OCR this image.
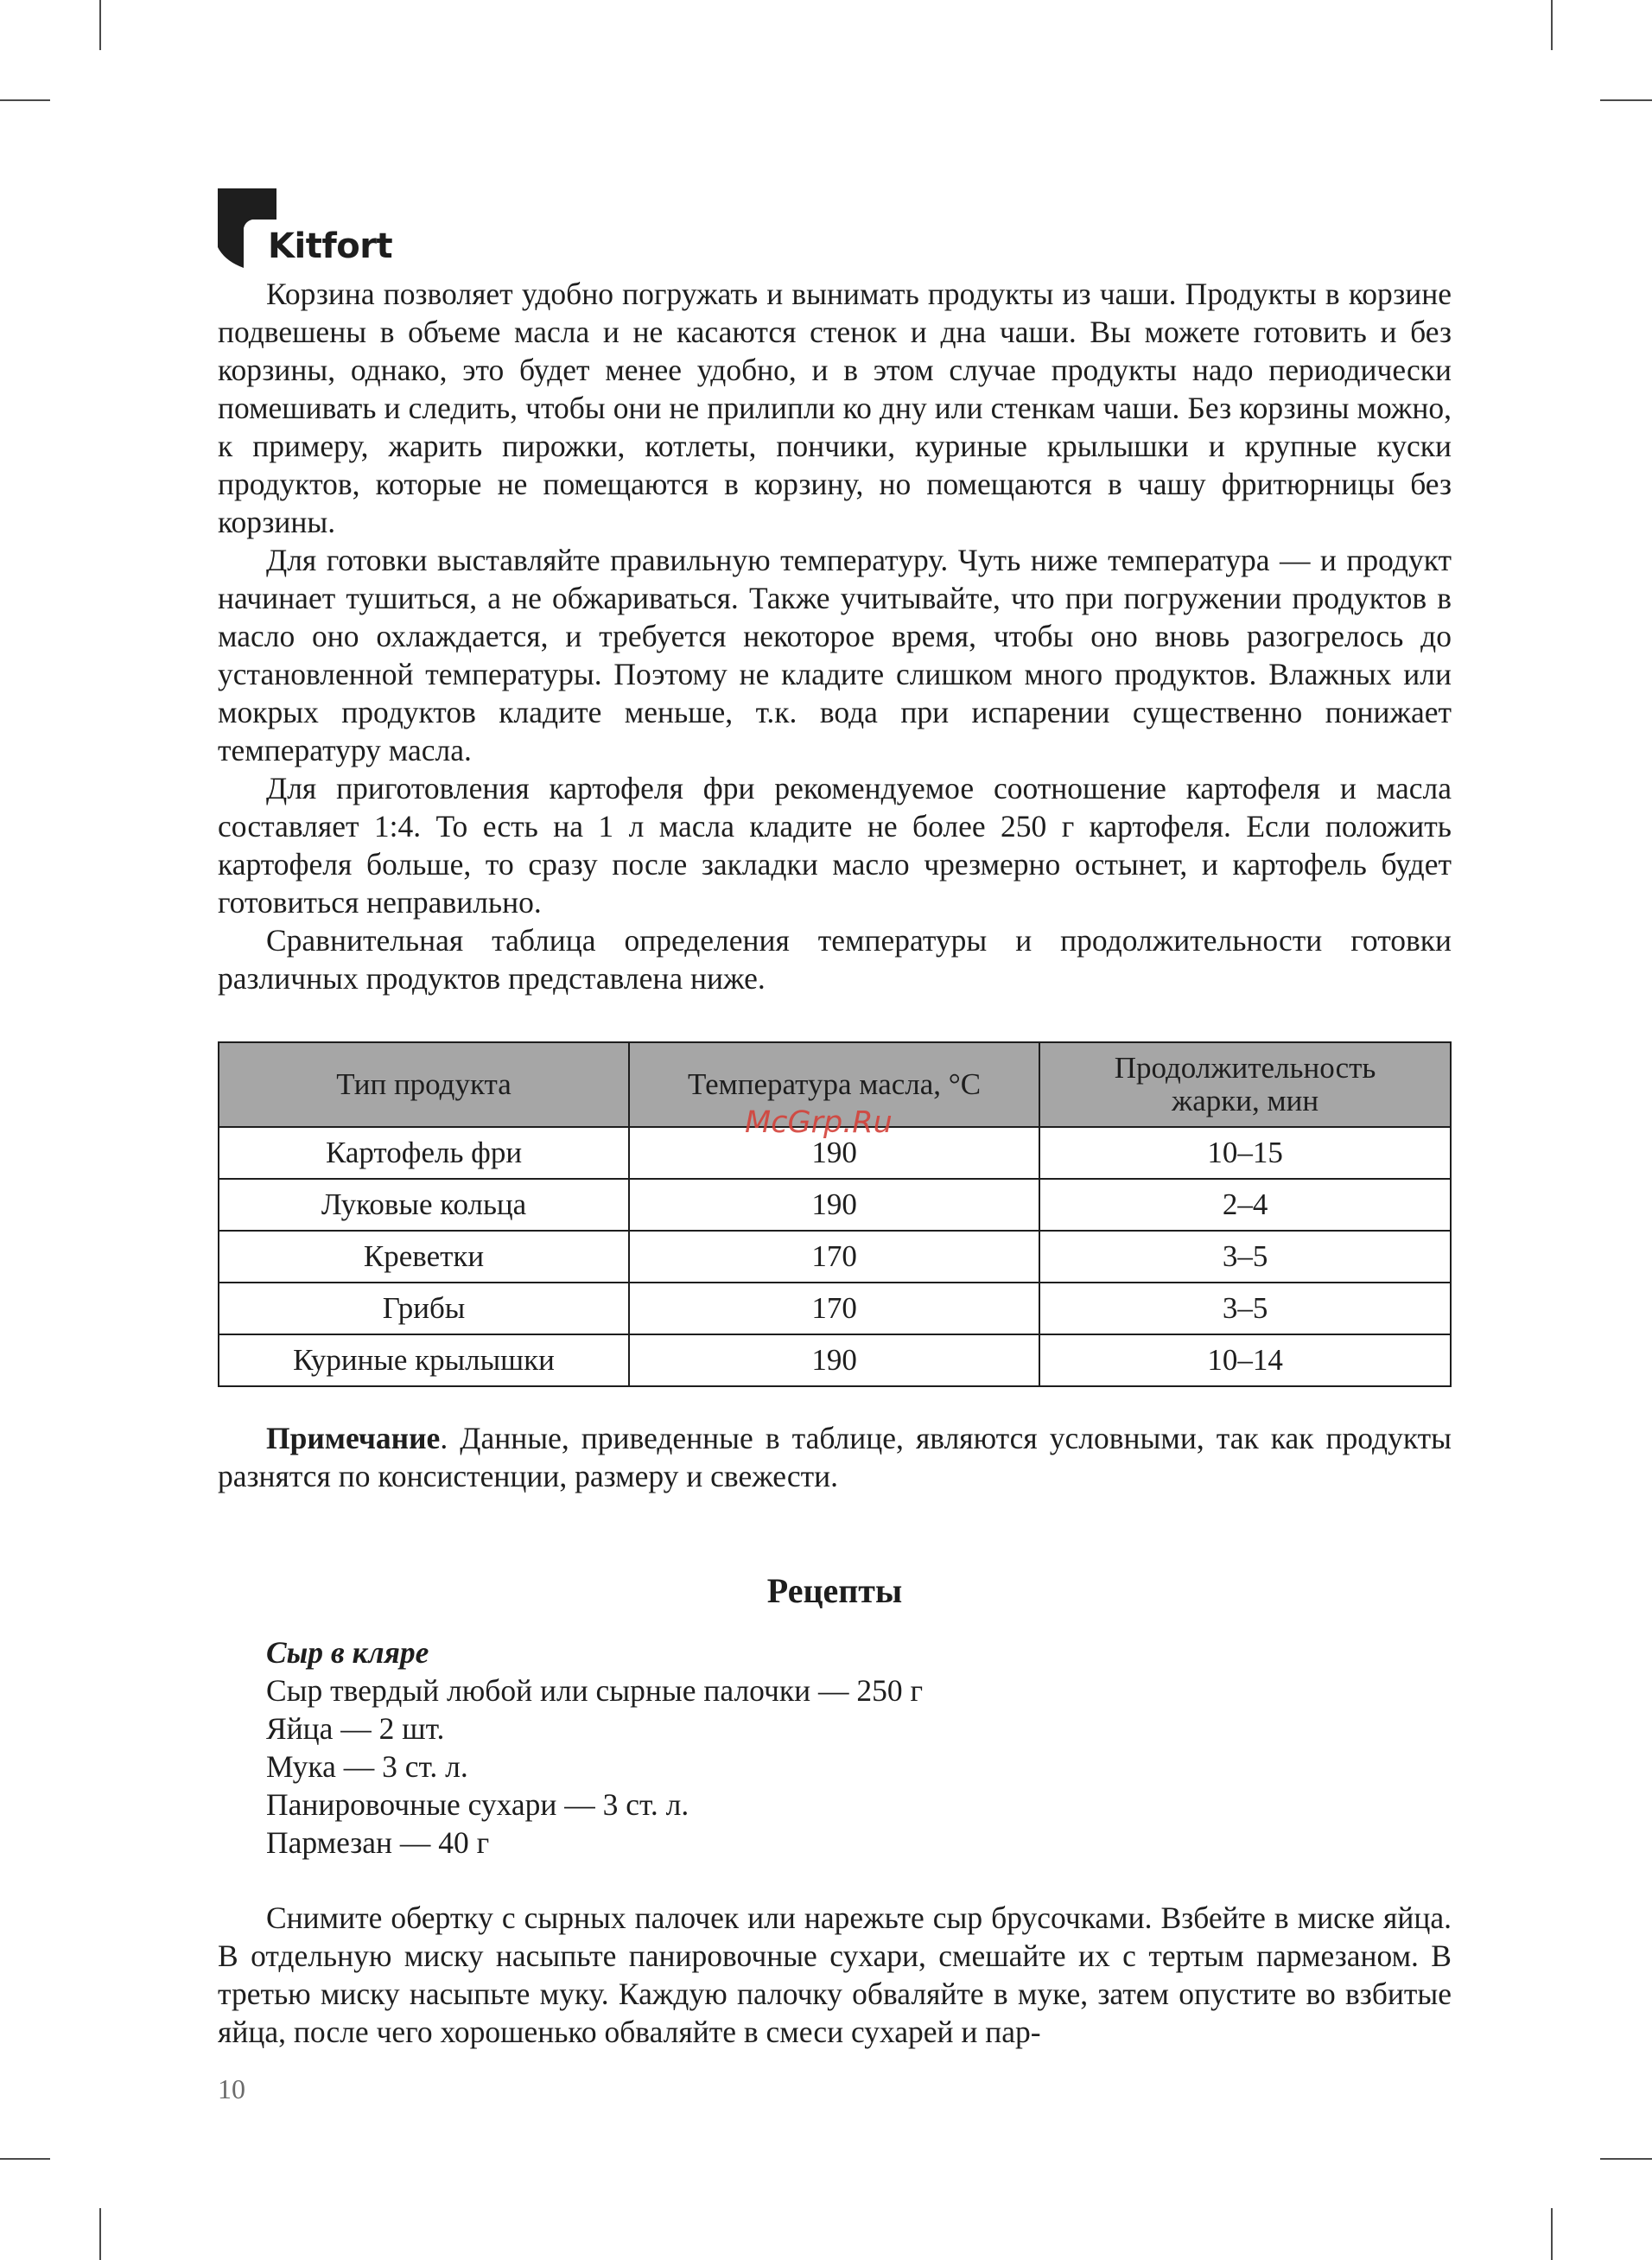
Kitfort

Корзина позволяет удобно погружать и вынимать продукты из чаши. Продукты в корзине подвешены в объеме масла и не касаются стенок и дна чаши. Вы можете готовить и без корзины, однако, это будет менее удобно, и в этом случае продукты надо периодически помешивать и следить, чтобы они не прилипли ко дну или стенкам чаши. Без корзины можно, к примеру, жарить пирожки, котлеты, пончики, куриные крылышки и крупные куски продуктов, которые не помещаются в корзину, но помещаются в чашу фритюрницы без корзины.

Для готовки выставляйте правильную температуру. Чуть ниже температура — и продукт начинает тушиться, а не обжариваться. Также учитывайте, что при погружении продуктов в масло оно охлаждается, и требуется некоторое время, чтобы оно вновь разогрелось до установленной температуры. Поэтому не кладите слишком много продуктов. Влажных или мокрых продуктов кладите меньше, т.к. вода при испарении существенно понижает температуру масла.

Для приготовления картофеля фри рекомендуемое соотношение картофеля и масла составляет 1:4. То есть на 1 л масла кладите не более 250 г картофеля. Если положить картофеля больше, то сразу после закладки масло чрезмерно остынет, и картофель будет готовиться неправильно.

Сравнительная таблица определения температуры и продолжительности готовки различных продуктов представлена ниже.

Тип продукта	Температура масла, °C	Продолжительность жарки, мин
Картофель фри	190	10–15
Луковые кольца	190	2–4
Креветки	170	3–5
Грибы	170	3–5
Куриные крылышки	190	10–14
McGrp.Ru

Примечание. Данные, приведенные в таблице, являются условными, так как продукты разнятся по консистенции, размеру и свежести.

Рецепты
Сыр в кляре
Сыр твердый любой или сырные палочки — 250 г
Яйца — 2 шт.
Мука — 3 ст. л.
Панировочные сухари — 3 ст. л.
Пармезан — 40 г

Снимите обертку с сырных палочек или нарежьте сыр брусочками. Взбейте в миске яйца. В отдельную миску насыпьте панировочные сухари, смешайте их с тертым пармезаном. В третью миску насыпьте муку. Каждую палочку обваляйте в муке, затем опустите во взбитые яйца, после чего хорошенько обваляйте в смеси сухарей и пар-

10
